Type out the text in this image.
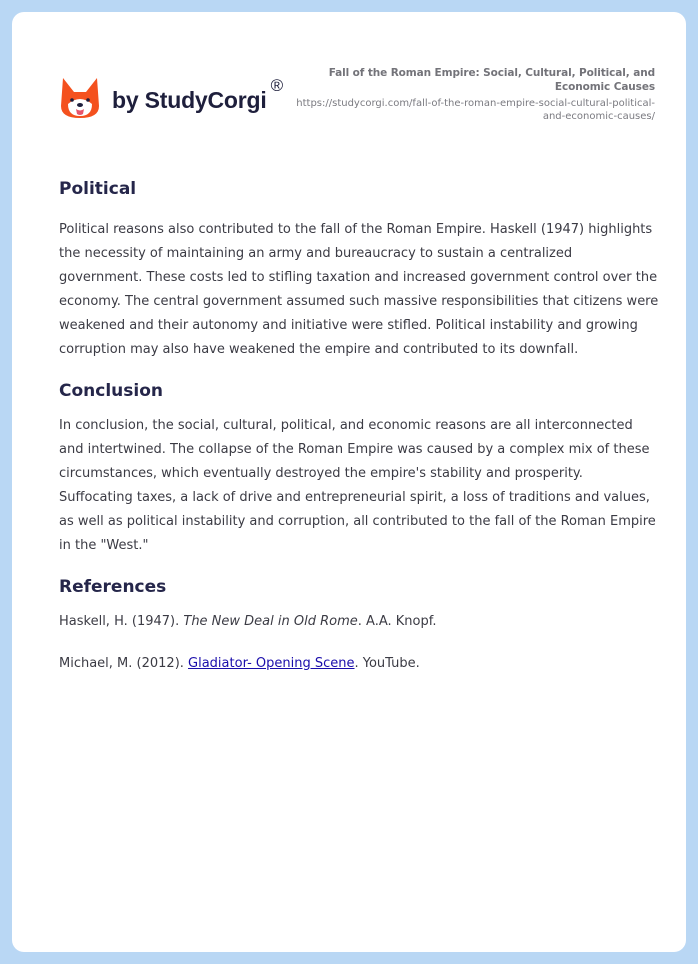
by StudyCorgi
®
Fall of the Roman Empire: Social, Cultural, Political, and Economic Causes
https://studycorgi.com/fall-of-the-roman-empire-social-cultural-political-and-economic-causes/
Political

Political reasons also contributed to the fall of the Roman Empire. Haskell (1947) highlights the necessity of maintaining an army and bureaucracy to sustain a centralized government. These costs led to stifling taxation and increased government control over the economy. The central government assumed such massive responsibilities that citizens were weakened and their autonomy and initiative were stifled. Political instability and growing corruption may also have weakened the empire and contributed to its downfall.

Conclusion

In conclusion, the social, cultural, political, and economic reasons are all interconnected and intertwined. The collapse of the Roman Empire was caused by a complex mix of these circumstances, which eventually destroyed the empire's stability and prosperity. Suffocating taxes, a lack of drive and entrepreneurial spirit, a loss of traditions and values, as well as political instability and corruption, all contributed to the fall of the Roman Empire in the "West."

References

Haskell, H. (1947). The New Deal in Old Rome. A.A. Knopf.

Michael, M. (2012). Gladiator- Opening Scene. YouTube.
